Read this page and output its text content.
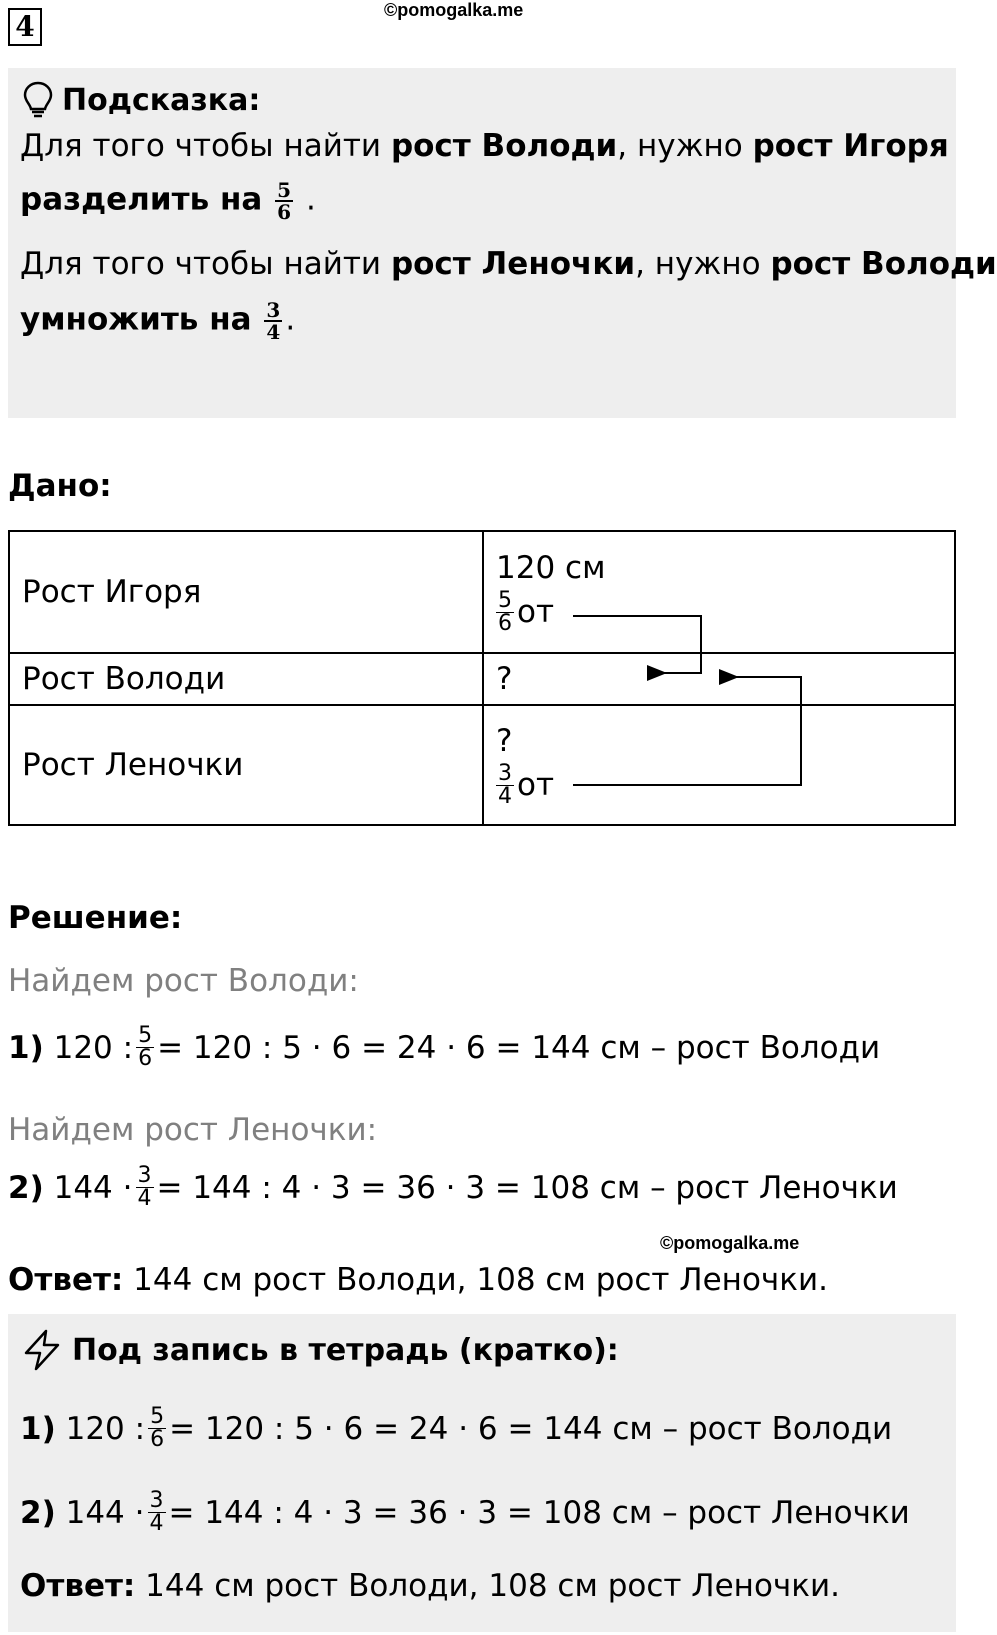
4	©pomogalka.me
Подсказка:
Для того чтобы найти рост Володи, нужно рост Игоря
разделить на $\frac{5}{6}$ .
Для того чтобы найти рост Леночки, нужно рост Володи
умножить на $\frac{3}{4}$ .
Дано:
Рост Игоря	120 см
$\frac{5}{6}$ от

Рост Володи	?
Рост Леночки	?
$\frac{3}{4}$ от
Решение:
Найдем рост Володи:
1)
120 : $\frac{5}{6} = 120$ : 5 · 6 = 24 · 6 = 144 см – рост Володи
Найдем рост Леночки:
2)
$144 \cdot \frac{3}{4} = 144$ : 4 · 3 = 36 · 3 = 108 см – рост Леночки
©pomogalka.me
Ответ: 144 см рост Володи, 108 см рост Леночки.
Под запись в тетрадь (кратко):
1)
120 : $\frac{5}{6} = 120$ : 5 · 6 = 24 · 6 = 144 см – рост Володи
2)
$144 \cdot \frac{3}{4} = 144$ : 4 · 3 = 36 · 3 = 108 см – рост Леночки
Ответ: 144 см рост Володи, 108 см рост Леночки.
